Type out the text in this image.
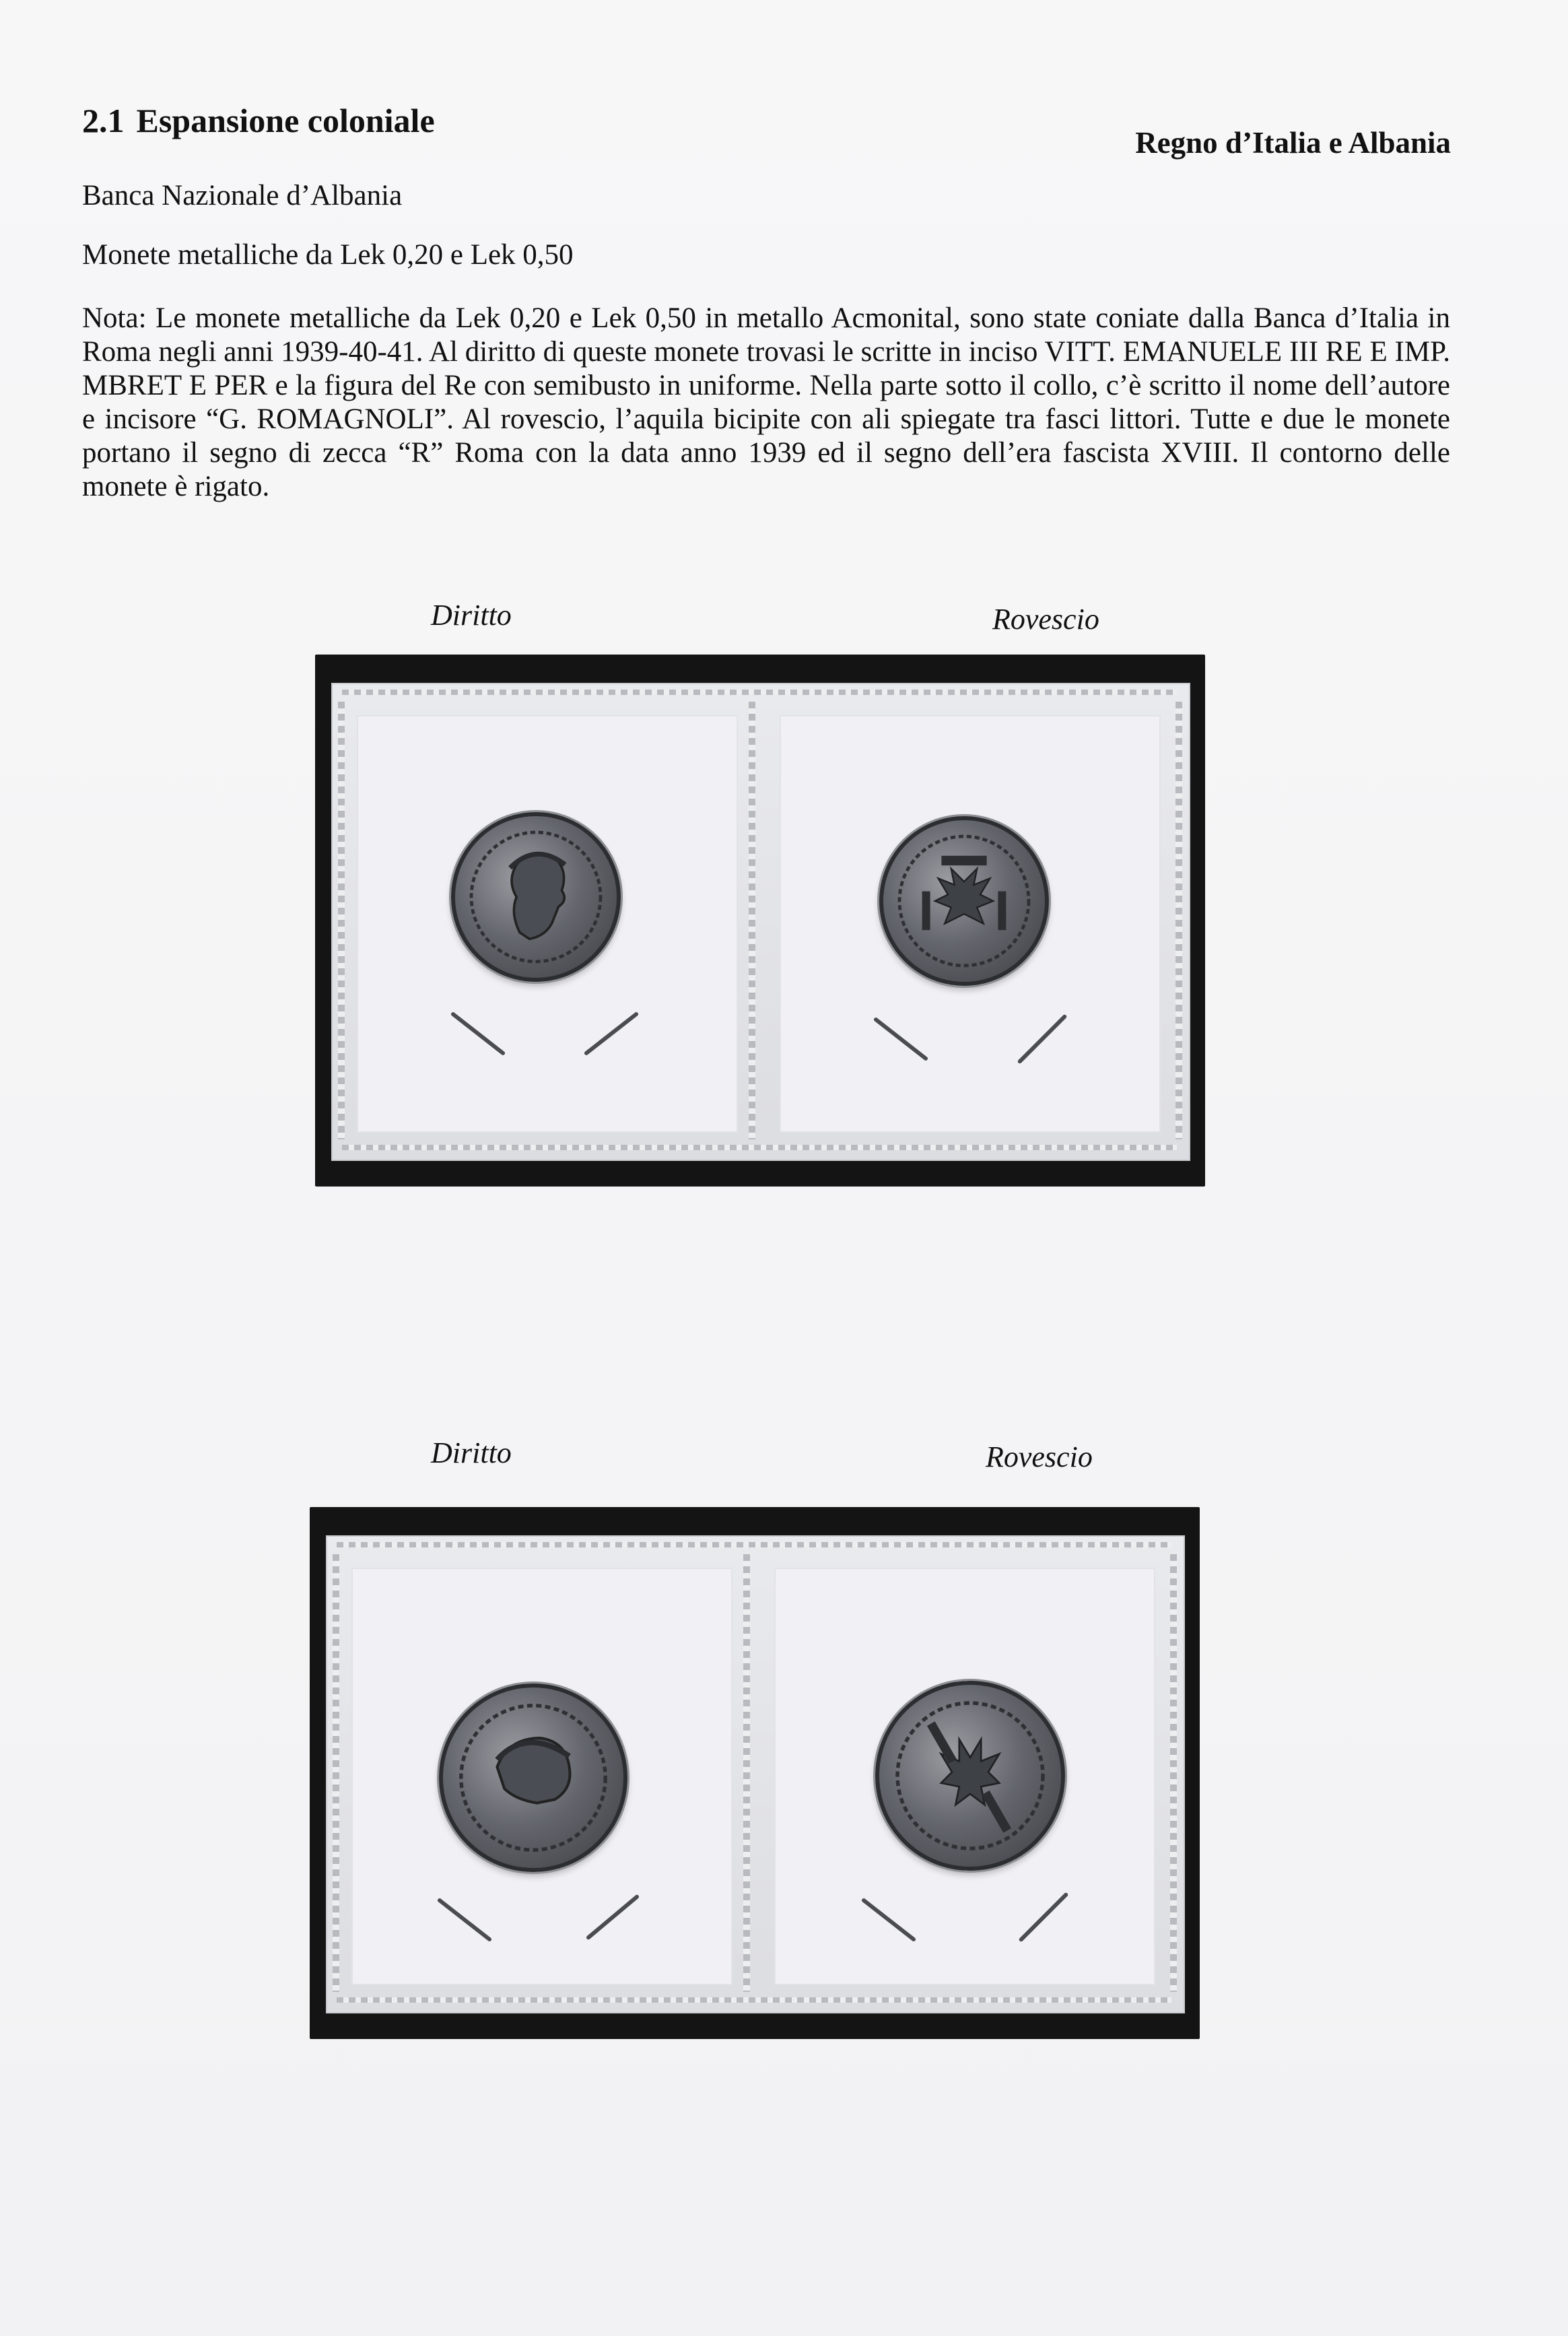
2.1 Espansione coloniale
Regno d’Italia e Albania
Banca Nazionale d’Albania
Monete metalliche da Lek 0,20 e Lek 0,50
Nota: Le monete metalliche da Lek 0,20 e Lek 0,50 in metallo Acmonital, sono state coniate dalla Banca d’Italia in Roma negli anni 1939-40-41. Al diritto di queste monete trovasi le scritte in inciso VITT. EMANUELE III RE E IMP. MBRET E PER e la figura del Re con semibusto in uniforme. Nella parte sotto il collo, c’è scritto il nome dell’autore e incisore “G. ROMAGNOLI”. Al rovescio, l’aquila bicipite con ali spiegate tra fasci littori. Tutte e due le monete portano il segno di zecca “R” Roma con la data anno 1939 ed il segno dell’era fascista XVIII. Il contorno delle monete è rigato.
Diritto	Rovescio
Diritto	Rovescio
